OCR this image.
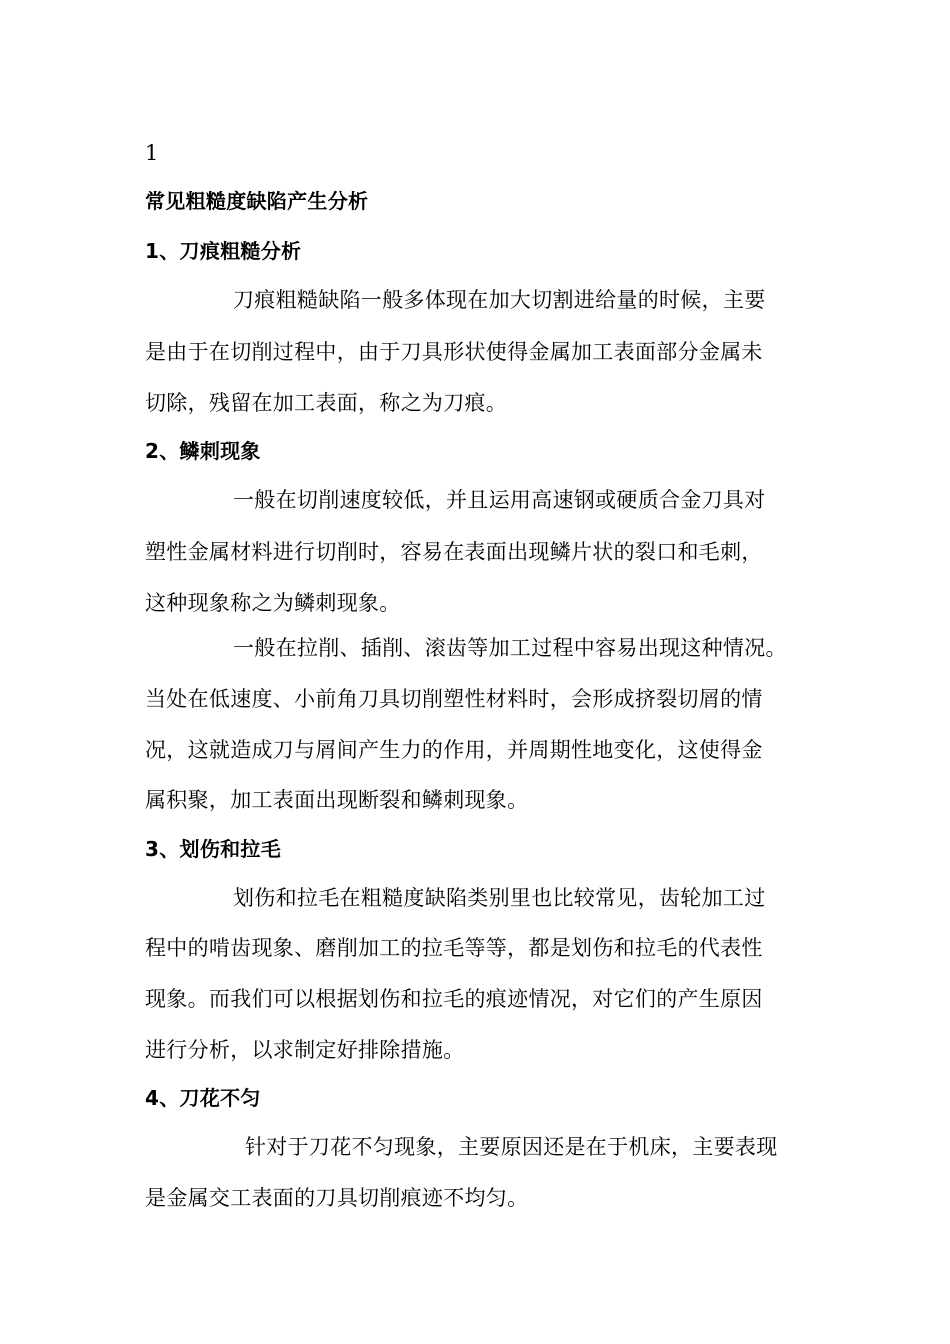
1
常见粗糙度缺陷产生分析
1、刀痕粗糙分析
刀痕粗糙缺陷一般多体现在加大切割进给量的时候，主要
是由于在切削过程中，由于刀具形状使得金属加工表面部分金属未
切除，残留在加工表面，称之为刀痕。
2、鳞刺现象
一般在切削速度较低，并且运用高速钢或硬质合金刀具对
塑性金属材料进行切削时，容易在表面出现鳞片状的裂口和毛刺，
这种现象称之为鳞刺现象。
一般在拉削、插削、滚齿等加工过程中容易出现这种情况。
当处在低速度、小前角刀具切削塑性材料时，会形成挤裂切屑的情
况，这就造成刀与屑间产生力的作用，并周期性地变化，这使得金
属积聚，加工表面出现断裂和鳞刺现象。
3、划伤和拉毛
划伤和拉毛在粗糙度缺陷类别里也比较常见，齿轮加工过
程中的啃齿现象、磨削加工的拉毛等等，都是划伤和拉毛的代表性
现象。而我们可以根据划伤和拉毛的痕迹情况，对它们的产生原因
进行分析，以求制定好排除措施。
4、刀花不匀
针对于刀花不匀现象，主要原因还是在于机床，主要表现
是金属交工表面的刀具切削痕迹不均匀。
